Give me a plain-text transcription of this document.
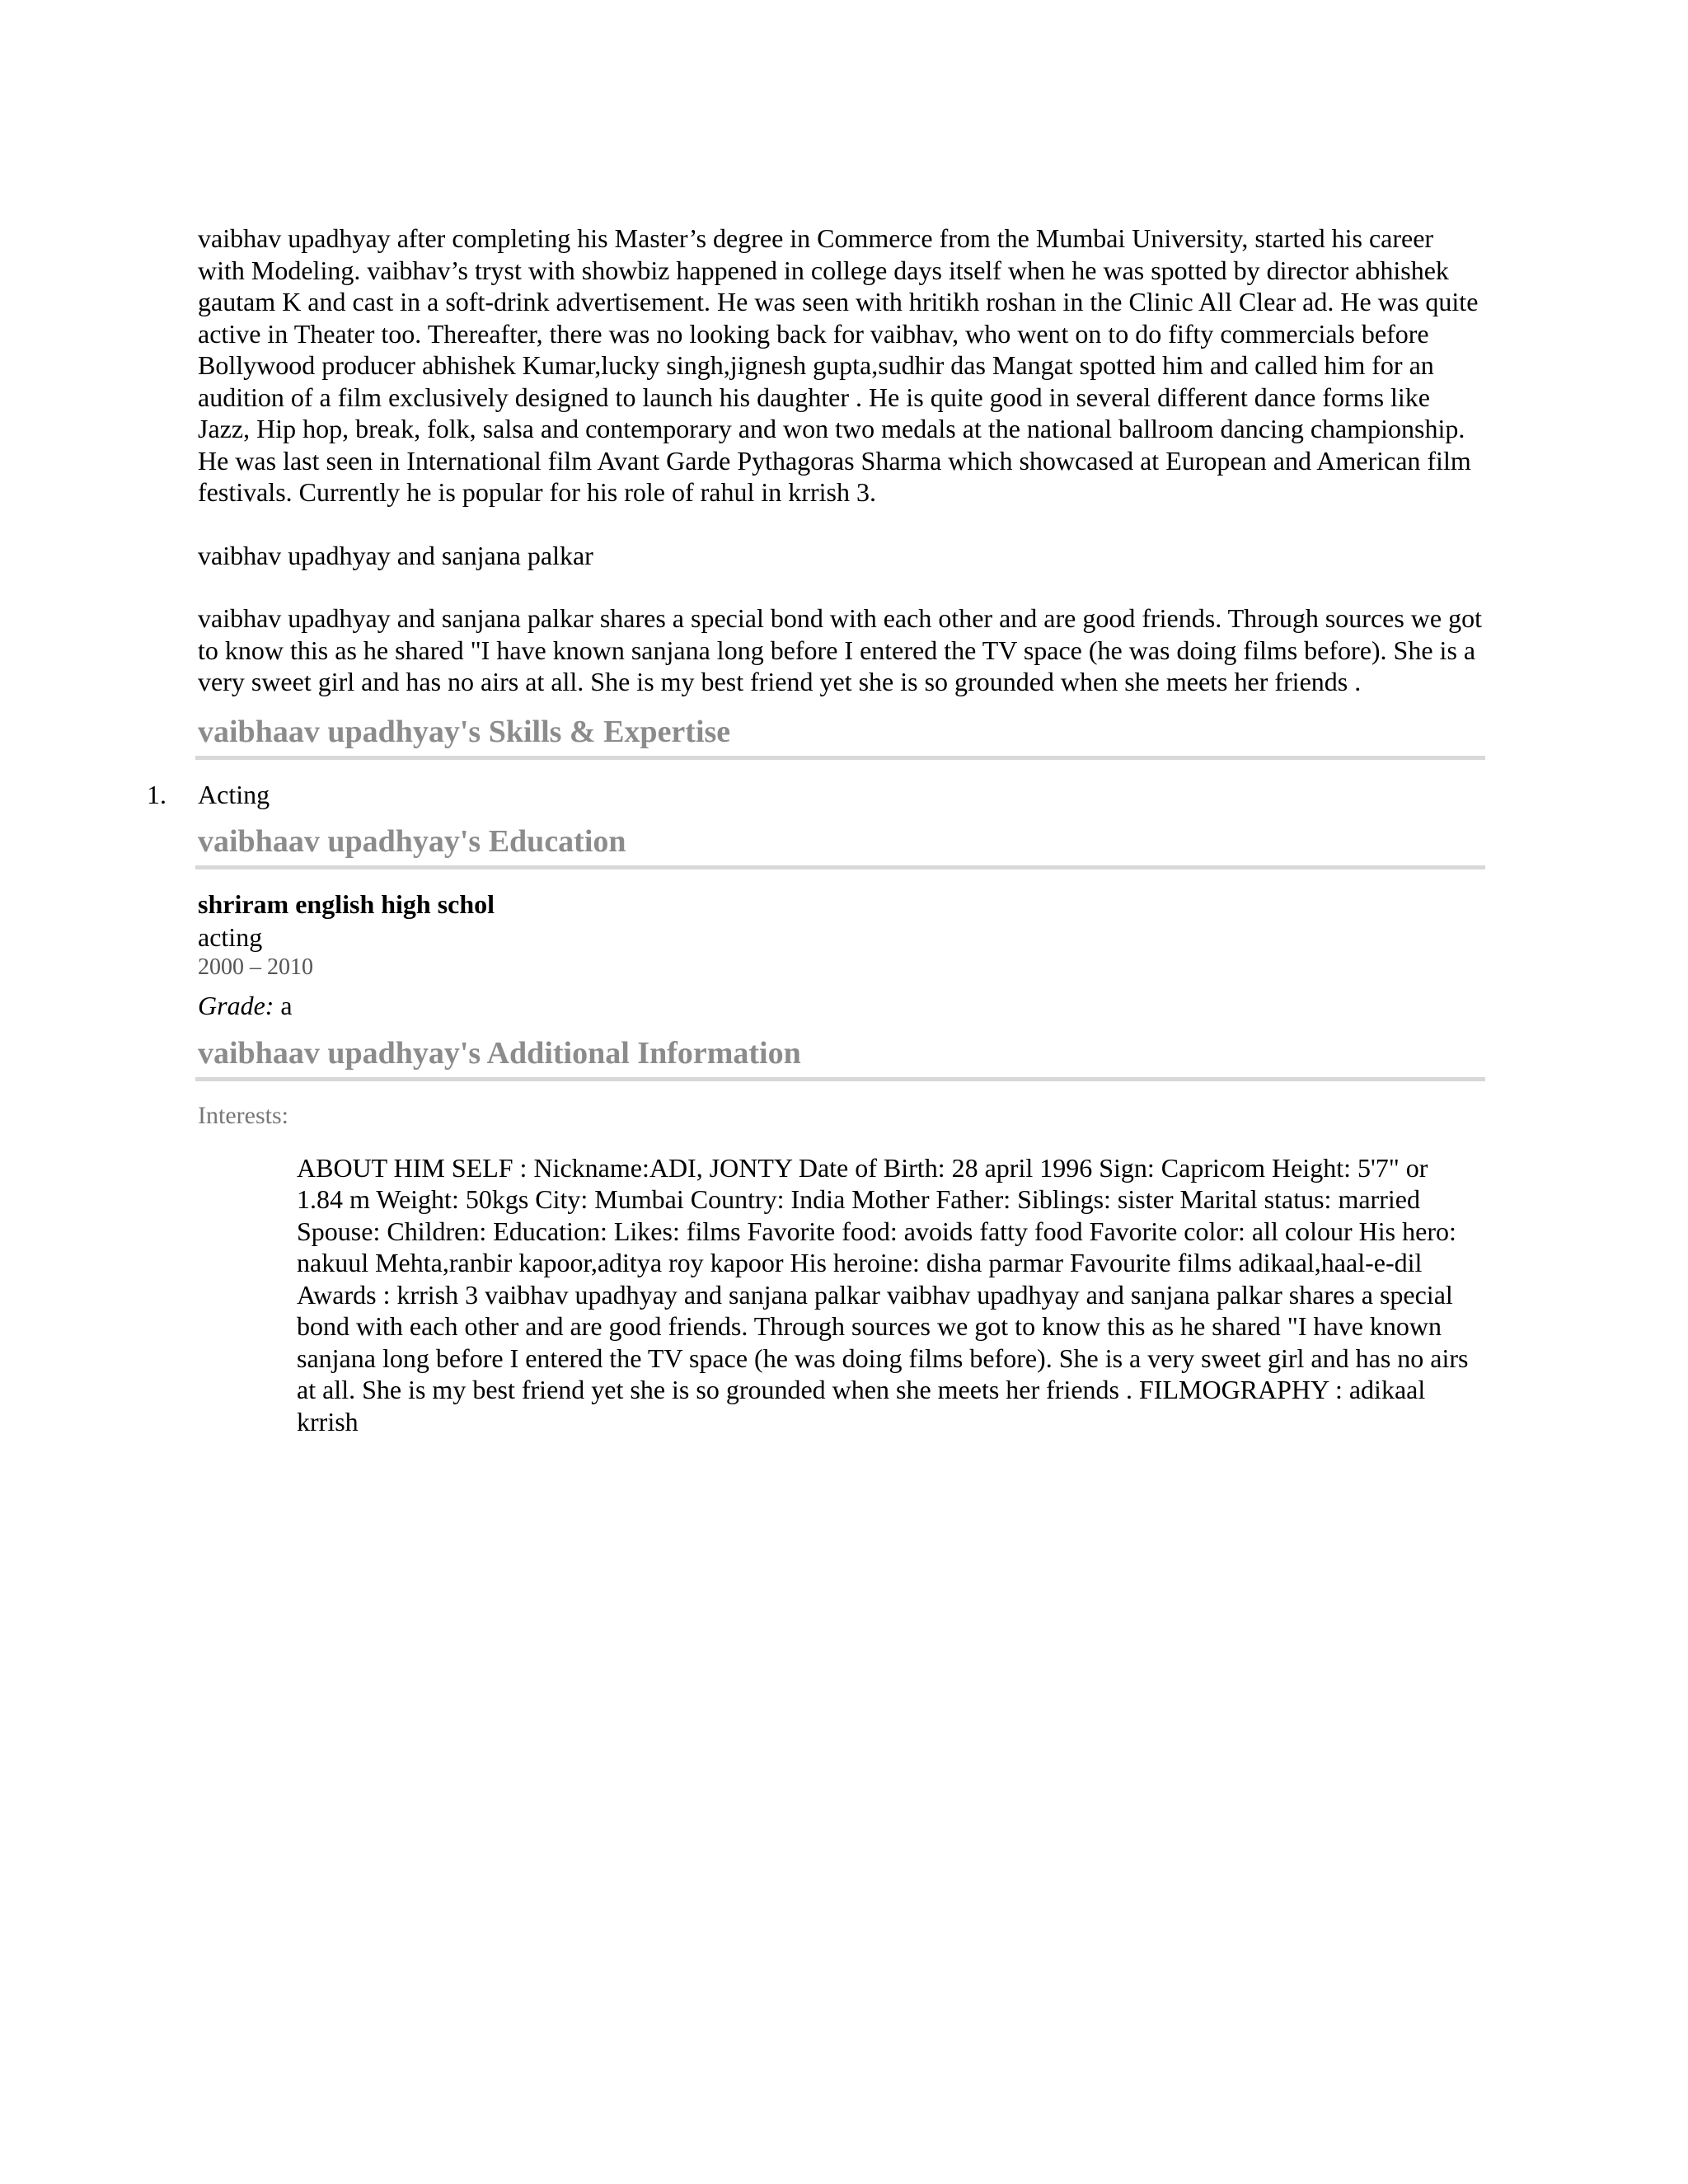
vaibhav upadhyay after completing his Master’s degree in Commerce from the Mumbai University, started his career with Modeling. vaibhav’s tryst with showbiz happened in college days itself when he was spotted by director abhishek gautam K and cast in a soft-drink advertisement. He was seen with hritikh roshan in the Clinic All Clear ad. He was quite active in Theater too. Thereafter, there was no looking back for vaibhav, who went on to do fifty commercials before Bollywood producer abhishek Kumar,lucky singh,jignesh gupta,sudhir das Mangat spotted him and called him for an audition of a film exclusively designed to launch his daughter . He is quite good in several different dance forms like Jazz, Hip hop, break, folk, salsa and contemporary and won two medals at the national ballroom dancing championship. He was last seen in International film Avant Garde Pythagoras Sharma which showcased at European and American film festivals. Currently he is popular for his role of rahul in krrish 3.

vaibhav upadhyay and sanjana palkar

vaibhav upadhyay and sanjana palkar shares a special bond with each other and are good friends. Through sources we got to know this as he shared "I have known sanjana long before I entered the TV space (he was doing films before). She is a very sweet girl and has no airs at all. She is my best friend yet she is so grounded when she meets her friends .

vaibhaav upadhyay's Skills & Expertise
1. Acting
vaibhaav upadhyay's Education
shriram english high schol
acting
2000 – 2010
Grade: a
vaibhaav upadhyay's Additional Information
Interests:
ABOUT HIM SELF : Nickname:ADI, JONTY Date of Birth: 28 april 1996 Sign: Capricom Height: 5'7" or 1.84 m Weight: 50kgs City: Mumbai Country: India Mother Father: Siblings: sister Marital status: married Spouse: Children: Education: Likes: films Favorite food: avoids fatty food Favorite color: all colour His hero: nakuul Mehta,ranbir kapoor,aditya roy kapoor His heroine: disha parmar Favourite films adikaal,haal-e-dil Awards : krrish 3 vaibhav upadhyay and sanjana palkar vaibhav upadhyay and sanjana palkar shares a special bond with each other and are good friends. Through sources we got to know this as he shared "I have known sanjana long before I entered the TV space (he was doing films before). She is a very sweet girl and has no airs at all. She is my best friend yet she is so grounded when she meets her friends . FILMOGRAPHY : adikaal krrish
